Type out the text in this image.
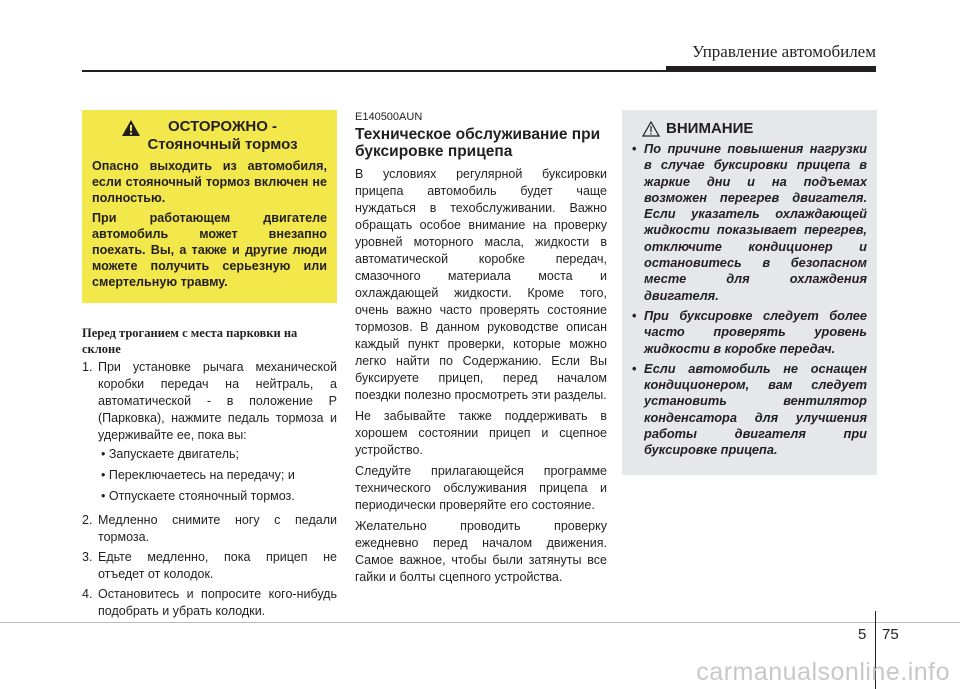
Управление автомобилем
ОСТОРОЖНО -
Стояночный тормоз

Опасно выходить из автомобиля, если стояночный тормоз включен не полностью.

При работающем двигателе автомобиль может внезапно поехать. Вы, а также и другие люди можете получить серьезную или смертельную травму.

Перед троганием с места парковки на склоне
1. При установке рычага механической коробки передач на нейтраль, а автоматической - в положение P (Парковка), нажмите педаль тормоза и удерживайте ее, пока вы:
• Запускаете двигатель;
• Переключаетесь на передачу; и
• Отпускаете стояночный тормоз.
2. Медленно снимите ногу с педали тормоза.
3. Едьте медленно, пока прицеп не отъедет от колодок.
4. Остановитесь и попросите кого-нибудь подобрать и убрать колодки.
E140500AUN
Техническое обслуживание при буксировке прицепа

В условиях регулярной буксировки прицепа автомобиль будет чаще нуждаться в техобслуживании. Важно обращать особое внимание на проверку уровней моторного масла, жидкости в автоматической коробке передач, смазочного материала моста и охлаждающей жидкости. Кроме того, очень важно часто проверять состояние тормозов. В данном руководстве описан каждый пункт проверки, которые можно легко найти по Содержанию. Если Вы буксируете прицеп, перед началом поездки полезно просмотреть эти разделы.

Не забывайте также поддерживать в хорошем состоянии прицеп и сцепное устройство.

Следуйте прилагающейся программе технического обслуживания прицепа и периодически проверяйте его состояние.

Желательно проводить проверку ежедневно перед началом движения. Самое важное, чтобы были затянуты все гайки и болты сцепного устройства.

ВНИМАНИЕ
• По причине повышения нагрузки в случае буксировки прицепа в жаркие дни и на подъемах возможен перегрев двигателя. Если указатель охлаждающей жидкости показывает перегрев, отключите кондиционер и остановитесь в безопасном месте для охлаждения двигателя.
• При буксировке следует более часто проверять уровень жидкости в коробке передач.
• Если автомобиль не оснащен кондиционером, вам следует установить вентилятор конденсатора для улучшения работы двигателя при буксировке прицепа.
5 75
carmanualsonline.info
